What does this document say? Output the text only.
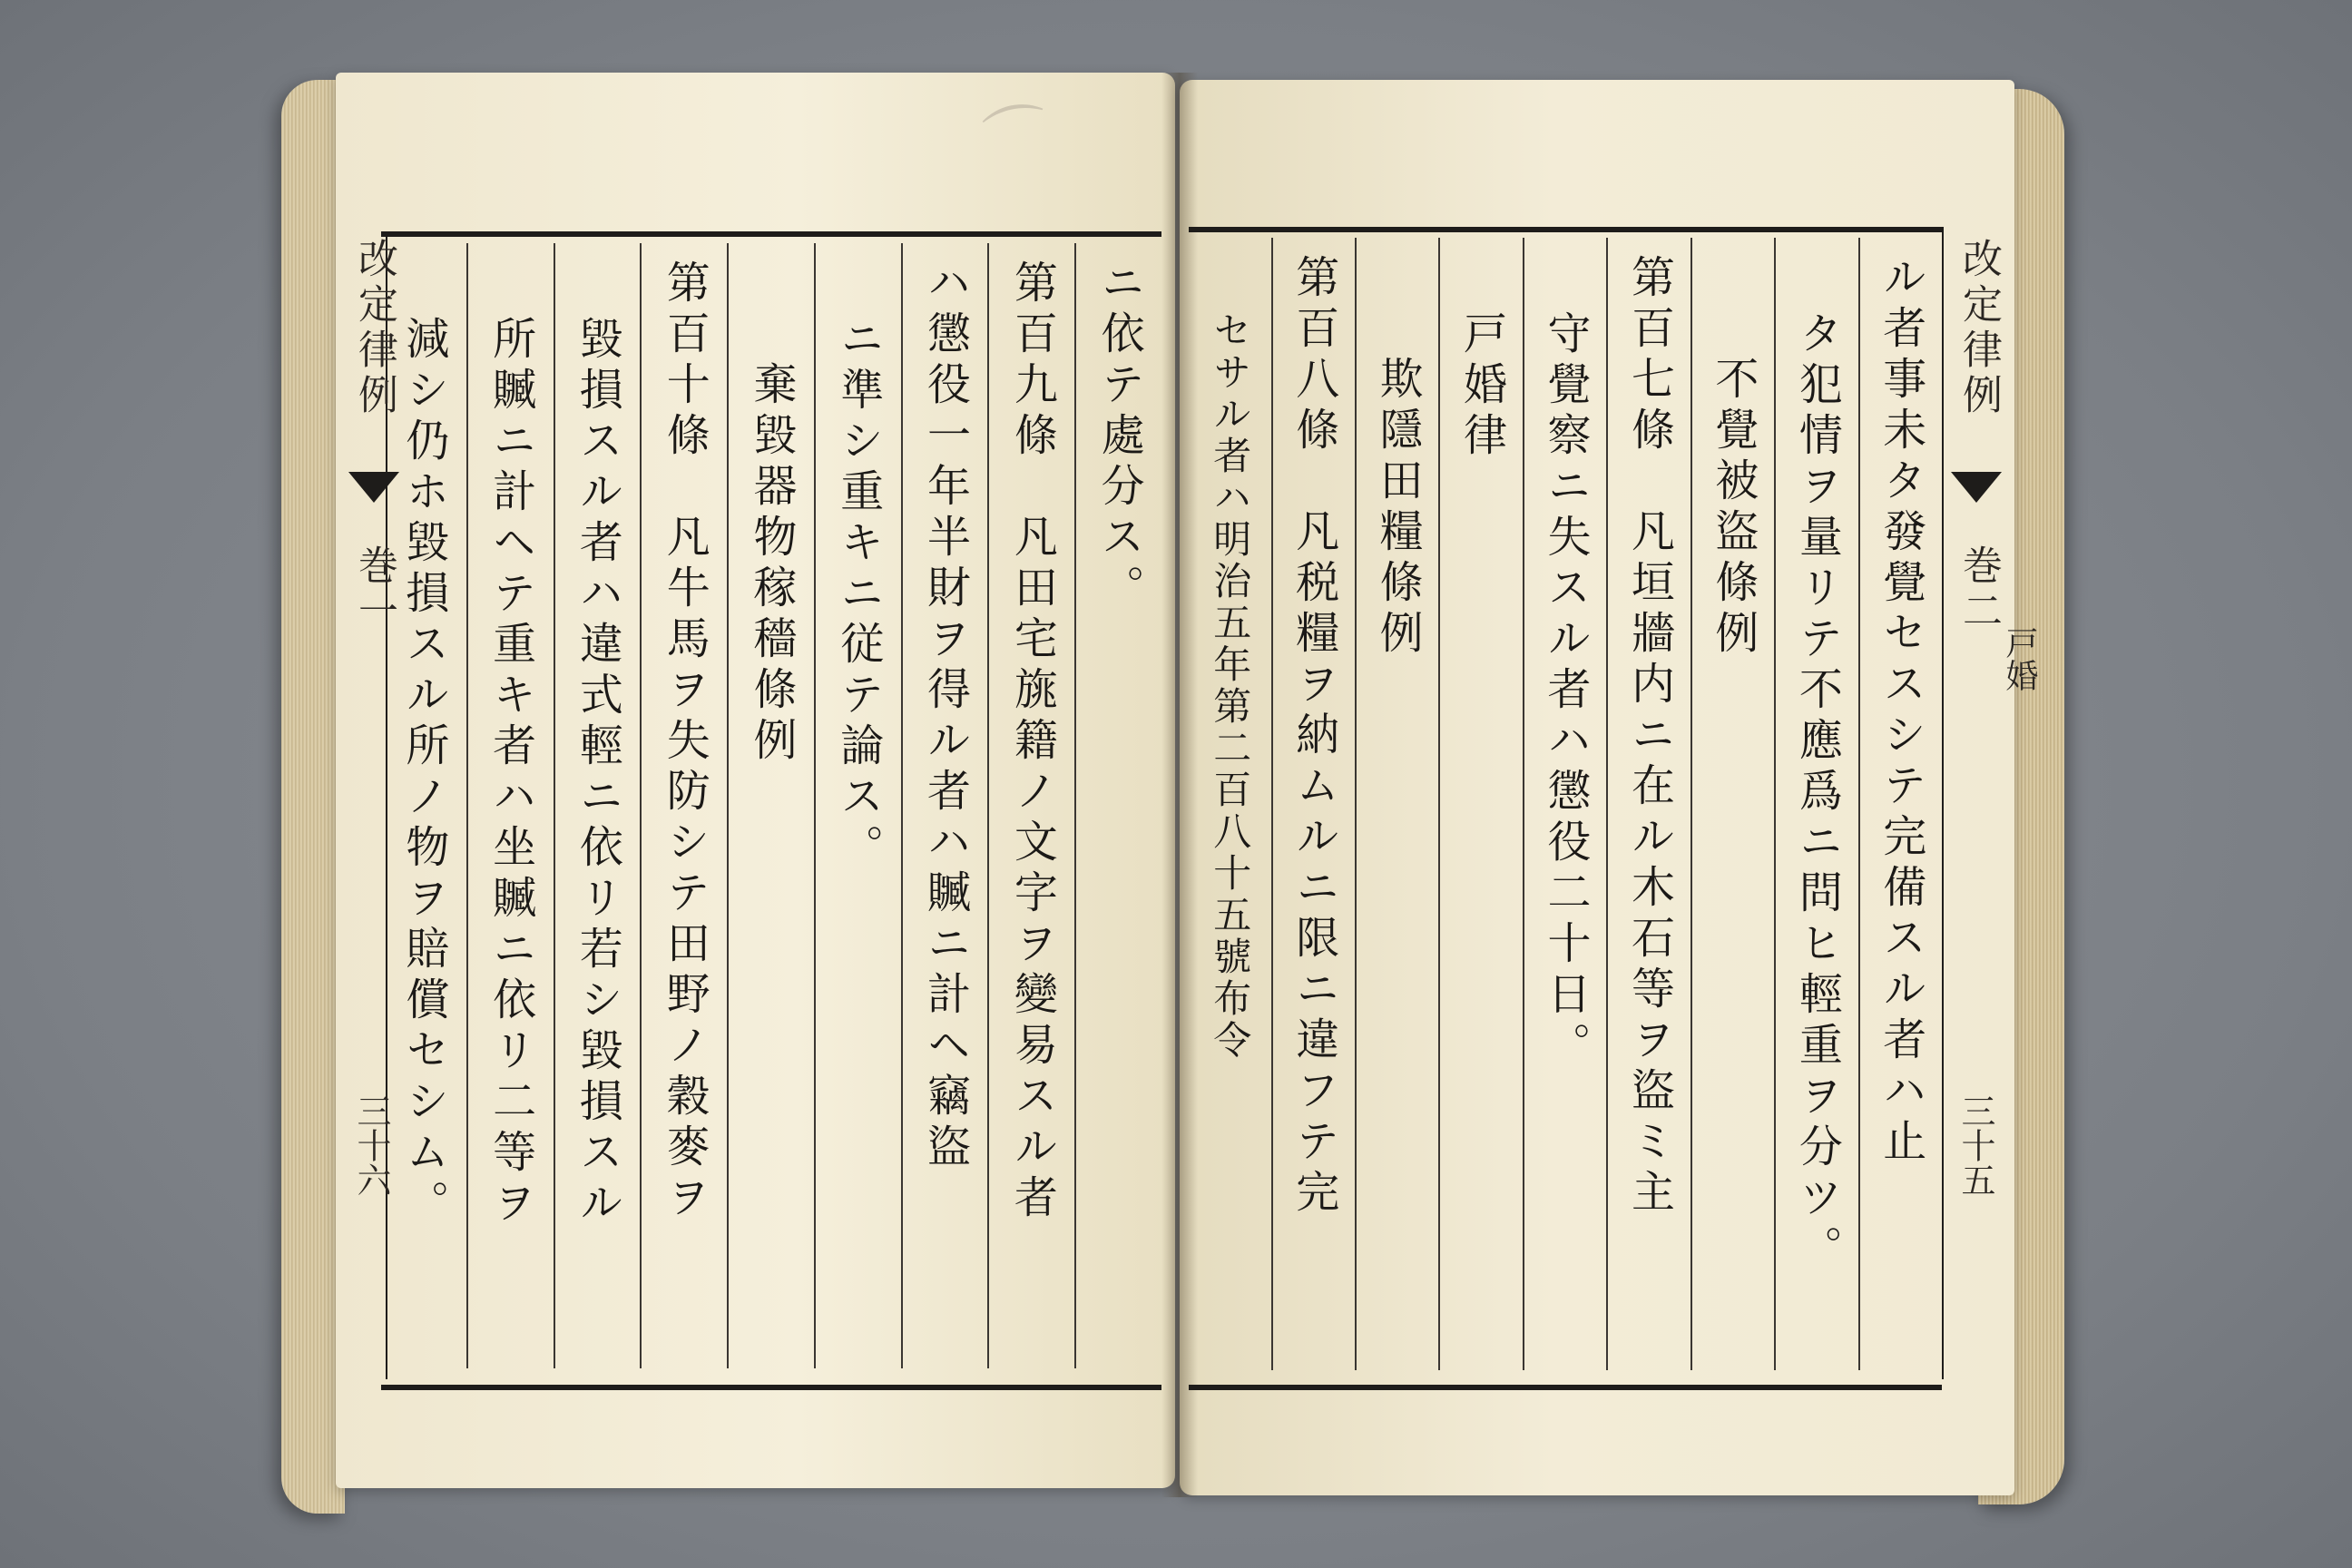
⌒
改定律例
巻一
三十六
ニ依テ處分ス。
第百九條　凡田宅旐籍ノ文字ヲ變易スル者
ハ懲役一年半財ヲ得ル者ハ贓ニ計ヘ竊盜
ニ準シ重キニ従テ論ス。
棄毀器物稼穡條例
第百十條　凡牛馬ヲ失防シテ田野ノ穀麥ヲ
毀損スル者ハ違式輕ニ依リ若シ毀損スル
所贓ニ計ヘテ重キ者ハ坐贓ニ依リ二等ヲ
減シ仍ホ毀損スル所ノ物ヲ賠償セシム。	改定律例
巻二
戸婚
三十五
ル者事未タ發覺セスシテ完備スル者ハ止
タ犯情ヲ量リテ不應爲ニ問ヒ輕重ヲ分ツ。
不覺被盜條例
第百七條　凡垣牆内ニ在ル木石等ヲ盜ミ主
守覺察ニ失スル者ハ懲役二十日。
戸婚律
欺隱田糧條例
第百八條　凡税糧ヲ納ムルニ限ニ違フテ完
セサル者ハ明治五年第二百八十五號布令
